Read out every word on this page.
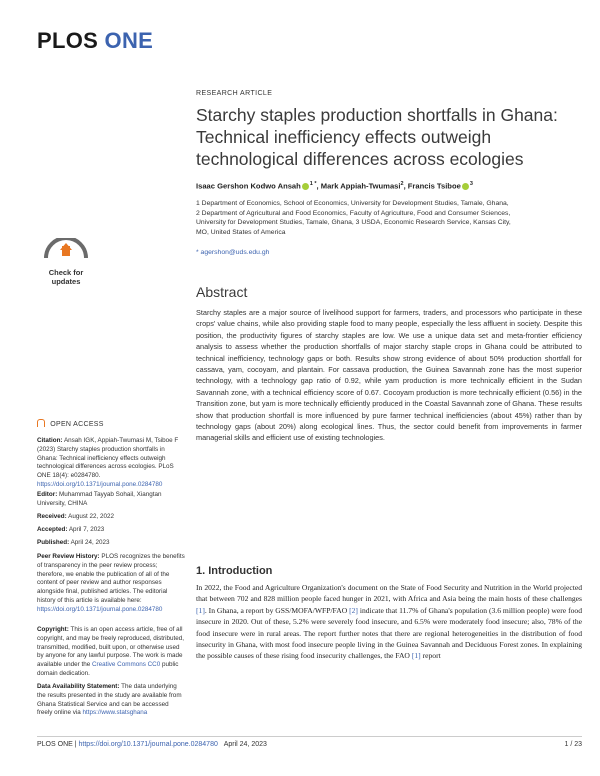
PLOS ONE
Check for
updates
OPEN ACCESS
Citation: Ansah IGK, Appiah-Twumasi M, Tsiboe F (2023) Starchy staples production shortfalls in Ghana: Technical inefficiency effects outweigh technological differences across ecologies. PLoS ONE 18(4): e0284780. https://doi.org/10.1371/journal.pone.0284780
Editor: Muhammad Tayyab Sohail, Xiangtan University, CHINA
Received: August 22, 2022
Accepted: April 7, 2023
Published: April 24, 2023
Peer Review History: PLOS recognizes the benefits of transparency in the peer review process; therefore, we enable the publication of all of the content of peer review and author responses alongside final, published articles. The editorial history of this article is available here: https://doi.org/10.1371/journal.pone.0284780
Copyright: This is an open access article, free of all copyright, and may be freely reproduced, distributed, transmitted, modified, built upon, or otherwise used by anyone for any lawful purpose. The work is made available under the Creative Commons CC0 public domain dedication.
Data Availability Statement: The data underlying the results presented in the study are available from Ghana Statistical Service and can be accessed freely online via https://www.statsghana
RESEARCH ARTICLE
Starchy staples production shortfalls in Ghana: Technical inefficiency effects outweigh technological differences across ecologies
Isaac Gershon Kodwo Ansah $^{1 *}$, Mark Appiah-Twumasi$^2$, Francis Tsiboe $^3$
1 Department of Economics, School of Economics, University for Development Studies, Tamale, Ghana,
2 Department of Agricultural and Food Economics, Faculty of Agriculture, Food and Consumer Sciences,
University for Development Studies, Tamale, Ghana, 3 USDA, Economic Research Service, Kansas City,
MO, United States of America
* agershon@uds.edu.gh
Abstract
Starchy staples are a major source of livelihood support for farmers, traders, and processors who participate in these crops' value chains, while also providing staple food to many people, especially the less affluent in society. Despite this position, the productivity figures of starchy staples are low. We use a unique data set and meta-frontier efficiency analysis to assess whether the production shortfalls of major starchy staple crops in Ghana could be attributed to technical inefficiency, technology gaps or both. Results show strong evidence of about 50% production shortfall for cassava, yam, cocoyam, and plantain. For cassava production, the Guinea Savannah zone has the most superior technology, with a technology gap ratio of 0.92, while yam production is more technically efficient in the Sudan Savannah zone, with a technical efficiency score of 0.67. Cocoyam production is more technically efficient (0.56) in the Transition zone, but yam is more technically efficiently produced in the Coastal Savannah zone of Ghana. These results show that production shortfall is more influenced by pure farmer technical inefficiencies (about 45%) rather than by technology gaps (about 20%) along ecological lines. Thus, the sector could benefit from improvements in farmer managerial skills and efficient use of existing technologies.
1. Introduction
In 2022, the Food and Agriculture Organization's document on the State of Food Security and Nutrition in the World projected that between 702 and 828 million people faced hunger in 2021, with Africa and Asia being the main hosts of these challenges [1]. In Ghana, a report by GSS/MOFA/WFP/FAO [2] indicate that 11.7% of Ghana's population (3.6 million people) were food insecure in 2020. Out of these, 5.2% were severely food insecure, and 6.5% were moderately food insecure; also, 78% of the food insecure were in rural areas. The report further notes that there are regional heterogeneities in the distribution of food insecurity in Ghana, with most food insecure people living in the Guinea Savannah and Deciduous Forest zones. In explaining the possible causes of these rising food insecurity challenges, the FAO [1] report
PLOS ONE | https://doi.org/10.1371/journal.pone.0284780 April 24, 2023	1 / 23
